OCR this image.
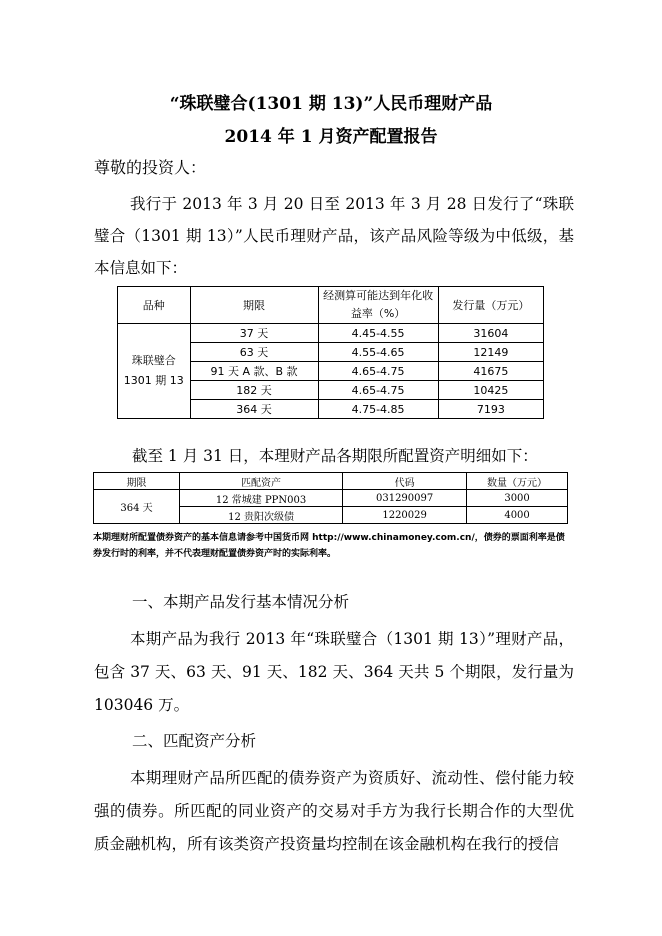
“珠联璧合(1301 期 13)”人民币理财产品
2014 年 1 月资产配置报告
尊敬的投资人：
我行于 2013 年 3 月 20 日至 2013 年 3 月 28 日发行了“珠联璧合（1301 期 13）”人民币理财产品，该产品风险等级为中低级，基本信息如下：
品种	期限	经测算可能达到年化收益率（%）	发行量（万元）
珠联璧合 1301 期 13	37 天	4.45-4.55	31604
	63 天	4.55-4.65	12149
	91 天 A 款、B 款	4.65-4.75	41675
	182 天	4.65-4.75	10425
	364 天	4.75-4.85	7193
截至 1 月 31 日，本理财产品各期限所配置资产明细如下：
期限	匹配资产	代码	数量（万元）
364 天	12 常城建 PPN003	031290097	3000
	12 贵阳次级债	1220029	4000
本期理财所配置债券资产的基本信息请参考中国货币网 http://www.chinamoney.com.cn/，债券的票面利率是债券发行时的利率，并不代表理财配置债券资产时的实际利率。
一、本期产品发行基本情况分析
本期产品为我行 2013 年“珠联璧合（1301 期 13）”理财产品，包含 37 天、63 天、91 天、182 天、364 天共 5 个期限，发行量为 103046 万。
二、匹配资产分析
本期理财产品所匹配的债券资产为资质好、流动性、偿付能力较强的债券。所匹配的同业资产的交易对手方为我行长期合作的大型优质金融机构，所有该类资产投资量均控制在该金融机构在我行的授信
